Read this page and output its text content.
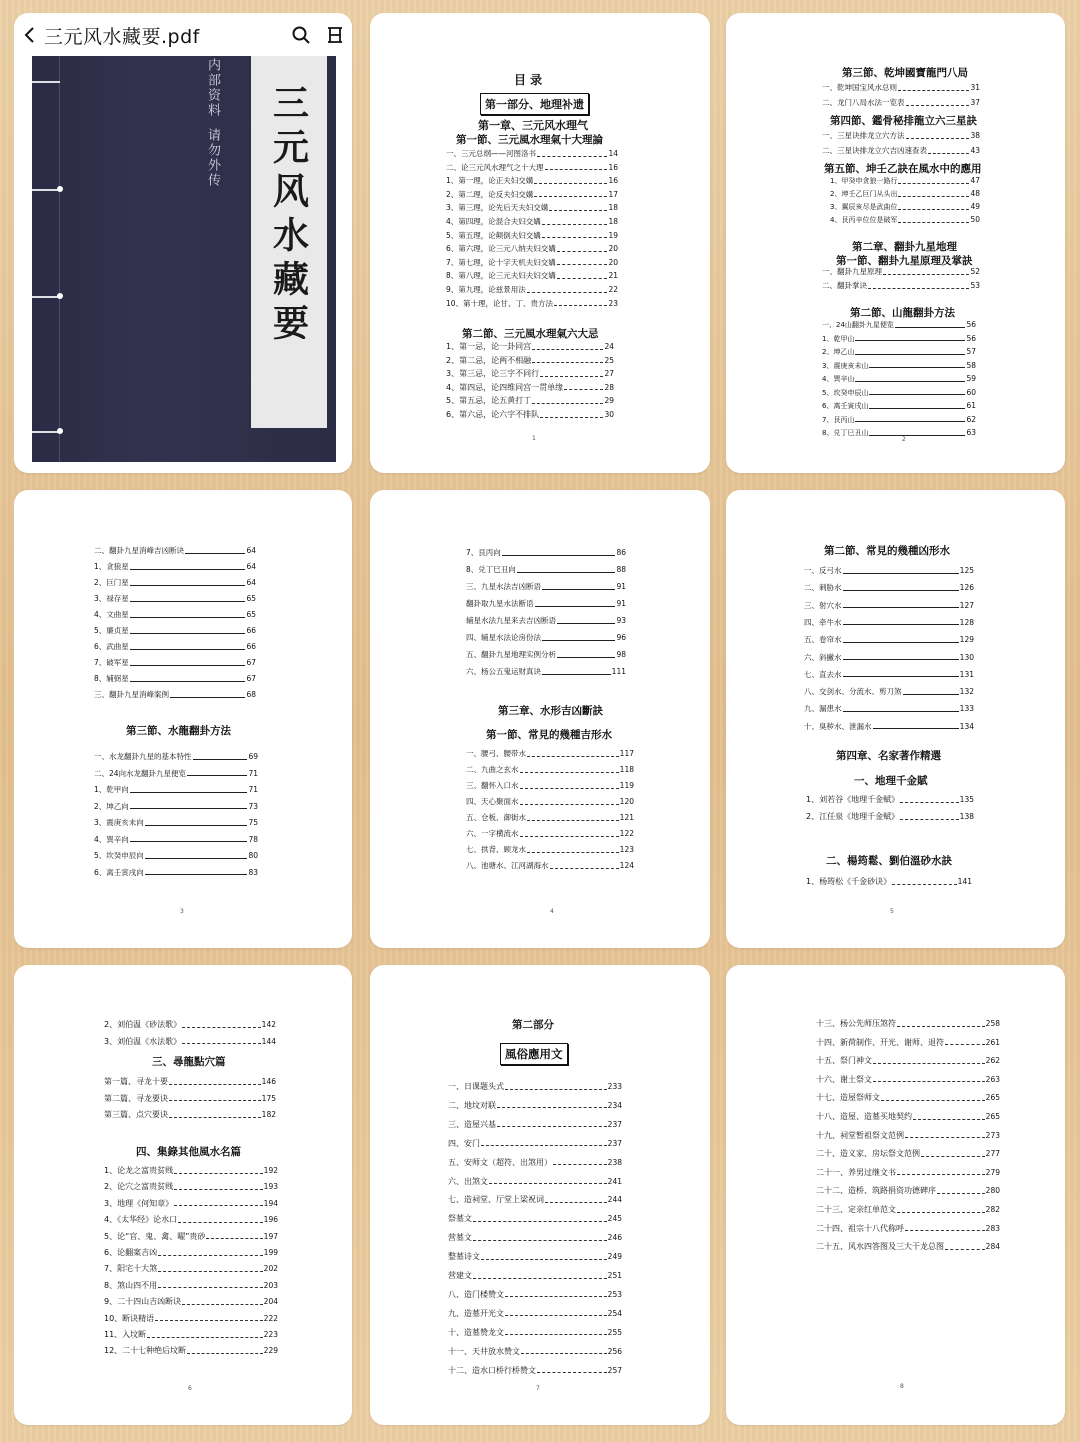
三元风水藏要.pdf
内部资料
请勿外传 三元风水藏要
目 录
第一部分、地理补遗
第一章、三元风水理气
第一節、三元風水理氣十大理論
一、三元总纲——河图洛书	14
二、论三元风水理气之十大理	16
1、第一理，论正夫妇交媾	16
2、第二理，论反夫妇交媾	17
3、第三理，论先后天夫妇交媾	18
4、第四理，论混合夫妇交媾	18
5、第五理，论颠倒夫妇交媾	19
6、第六理，论三元八纳夫妇交媾	20
7、第七理，论十字天机夫妇交媾	20
8、第八理，论三元夫妇夫妇交媾	21
9、第九理，论兹景用法	22
10、第十理，论甘、丁、贵方法	23
第二節、三元風水理氣六大忌
1、第一忌，论一卦同宫	24
2、第二忌，论两不相融	25
3、第三忌，论三字不同行	27
4、第四忌，论四维同宫一贯单缘	28
5、第五忌，论五黄打丁	29
6、第六忌，论六字不排队	30
1
第三節、乾坤國寶龍門八局
一、乾坤国宝风水总则	31
二、龙门八局水法一览表	37
第四節、鑑骨秘排龍立六三星訣
一、三星诀排龙立穴方法	38
二、三星诀排龙立穴吉凶速查表	43
第五節、坤壬乙訣在風水中的應用
1、甲癸申贪狼一路行	47
2、坤壬乙巨门从头出	48
3、翼辰亥尽是武曲位	49
4、艮丙辛位位是破军	50
第二章、翻卦九星地理
第一節、翻卦九星原理及掌訣
一、翻卦九星原理	52
二、翻卦掌诀	53
第二節、山龍翻卦方法
一、24山翻卦九星便览	56
1、乾甲山	56
2、坤乙山	57
3、震庚亥未山	58
4、巽辛山	59
5、坎癸申辰山	60
6、离壬寅戌山	61
7、艮丙山	62
8、兑丁巳丑山	63
2
二、翻卦九星消峰吉凶断诀	64
1、贪狼星	64
2、巨门星	64
3、禄存星	65
4、文曲星	65
5、廉贞星	66
6、武曲星	66
7、破军星	67
8、辅弼星	67
三、翻卦九星消峰案例	68
第三節、水龍翻卦方法
一、水龙翻卦九星的基本特性	69
二、24向水龙翻卦九星便览	71
1、乾甲向	71
2、坤乙向	73
3、震庚亥未向	75
4、巽辛向	78
5、坎癸申辰向	80
6、离壬寅戌向	83
3
7、艮丙向	86
8、兑丁巳丑向	88
三、九星水法吉凶断语	91
翻卦取九星水法断语	91
辅星水法九星来去吉凶断语	93
四、辅星水法论房份法	96
五、翻卦九星地理实例分析	98
六、杨公五鬼运财真诀	111
第三章、水形吉凶斷訣
第一節、常見的幾種吉形水
一、腰弓、腰带水	117
二、九曲之玄水	118
三、翻怀入口水	119
四、天心聚面水	120
五、仓板、御街水	121
六、一字横流水	122
七、拱背、顾龙水	123
八、池塘水、江河湖海水	124
4
第二節、常見的幾種凶形水
一、反弓水	125
二、刺胁水	126
三、射穴水	127
四、牵牛水	128
五、卷帘水	129
六、斜撇水	130
七、直去水	131
八、交剑水、分流水、剪刀煞	132
九、漏患水	133
十、臭秽水、泄漏水	134
第四章、名家著作精選
一、地理千金賦
1、刘若谷《地理千金赋》	135
2、江任泉《地理千金赋》	138
二、楊筠鬆、劉伯溫砂水訣
1、杨筠松《千金砂诀》	141
5
2、刘伯温《砂法歌》	142
3、刘伯温《水法歌》	144
三、尋龍點穴篇
第一篇、寻龙十要	146
第二篇、寻龙要诀	175
第三篇、点穴要诀	182
四、集錄其他風水名篇
1、论龙之富贵贫贱	192
2、论穴之富贵贫贱	193
3、地理《何知章》	194
4、《太华经》论水口	196
5、论“官、鬼、禽、曜”贵砂	197
6、论翻案吉凶	199
7、阳宅十大煞	202
8、煞山四不用	203
9、二十四山吉凶断诀	204
10、断诀精语	222
11、入坟断	223
12、二十七种绝后坟断	229
6
第二部分
風俗應用文
一、日课题头式	233
二、地坟对联	234
三、造屋兴基	237
四、安门	237
五、安师文（超符、出煞用）	238
六、出煞文	241
七、造祠堂、厅堂上梁祝词	244
祭墓文	245
营墓文	246
整墓诗文	249
营建文	251
八、造门楼赞文	253
九、造墓开光文	254
十、造墓赞龙文	255
十一、天井放水赞文	256
十二、造水口桥行桥赞文	257
7
十三、杨公先师压煞符	258
十四、新荷制作、开光、谢师、退符	261
十五、祭门神文	262
十六、谢土祭文	263
十七、造屋祭师文	265
十八、造屋、造墓买地契约	265
十九、祠堂暂祖祭文范例	273
二十、造义家、房坛祭文范例	277
二十一、养男过继文书	279
二十二、造桥、筑路捐资功德碑序	280
二十三、定亲红单范文	282
二十四、祖宗十八代称呼	283
二十五、风水四答图及三大干龙总图	284
8
